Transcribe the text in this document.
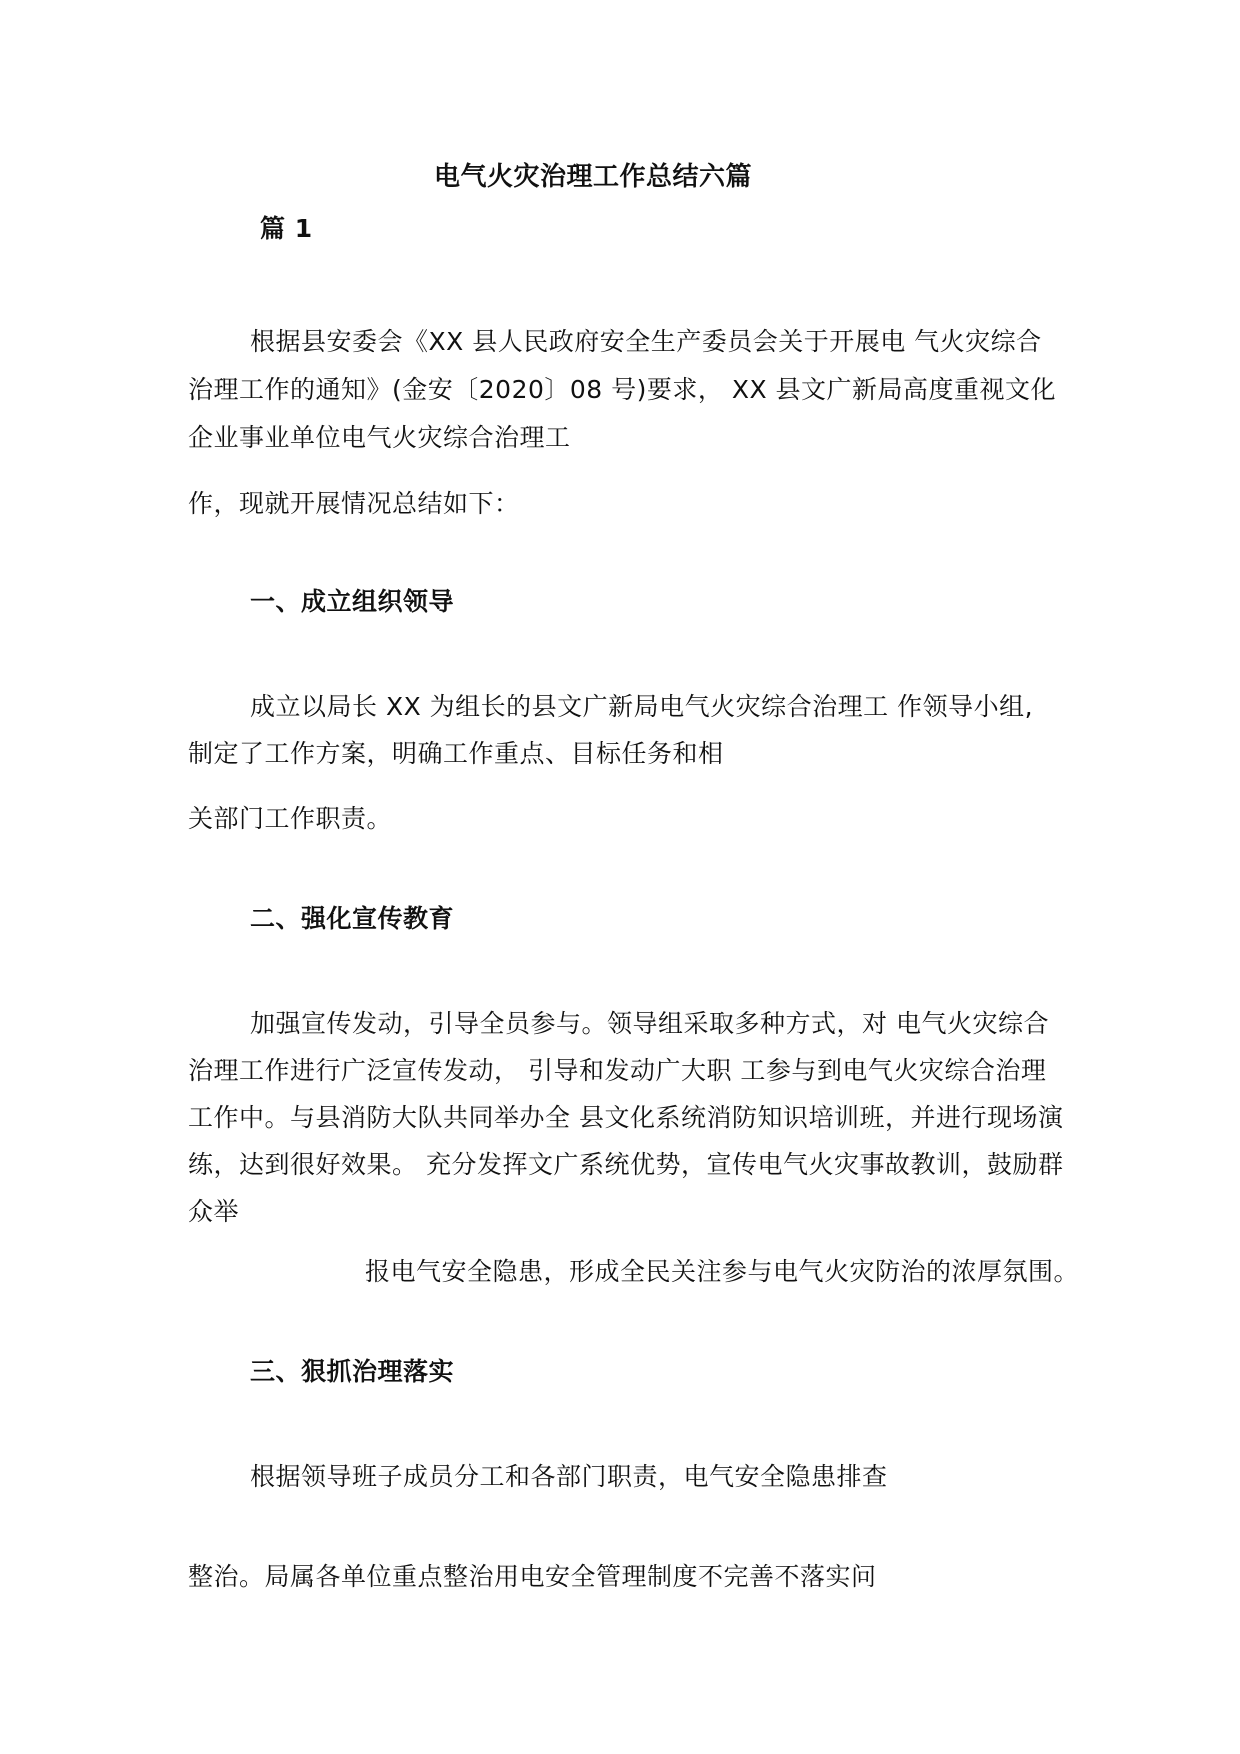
电气火灾治理工作总结六篇
篇 1
根据县安委会《XX 县人民政府安全生产委员会关于开展电 气火灾综合
治理工作的通知》(金安〔2020〕08 号)要求， XX 县文广新局高度重视文化
企业事业单位电气火灾综合治理工
作，现就开展情况总结如下：
一、成立组织领导
成立以局长 XX 为组长的县文广新局电气火灾综合治理工 作领导小组,
制定了工作方案，明确工作重点、目标任务和相
关部门工作职责。
二、强化宣传教育
加强宣传发动，引导全员参与。领导组采取多种方式，对 电气火灾综合
治理工作进行广泛宣传发动， 引导和发动广大职 工参与到电气火灾综合治理
工作中。与县消防大队共同举办全 县文化系统消防知识培训班，并进行现场演
练，达到很好效果。 充分发挥文广系统优势，宣传电气火灾事故教训，鼓励群
众举
报电气安全隐患，形成全民关注参与电气火灾防治的浓厚氛围。
三、狠抓治理落实
根据领导班子成员分工和各部门职责，电气安全隐患排查
整治。局属各单位重点整治用电安全管理制度不完善不落实问
